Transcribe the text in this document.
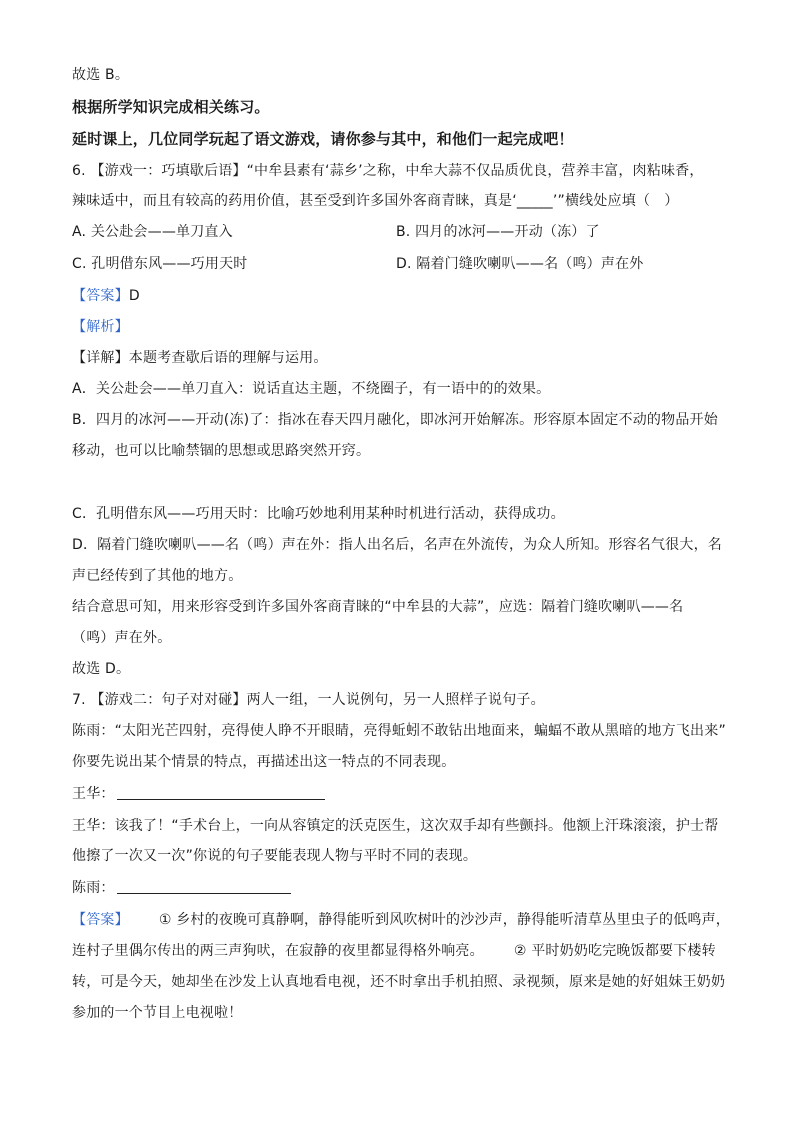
故选 B。
根据所学知识完成相关练习。
延时课上，几位同学玩起了语文游戏，请你参与其中，和他们一起完成吧！
6. 【游戏一：巧填歇后语】“中牟县素有‘蒜乡’之称，中牟大蒜不仅品质优良，营养丰富，肉粘味香，
辣味适中，而且有较高的药用价值，甚至受到许多国外客商青睐，真是‘_____’”横线处应填（　）
A. 关公赴会——单刀直入	B. 四月的冰河——开动（冻）了
C. 孔明借东风——巧用天时	D. 隔着门缝吹喇叭——名（鸣）声在外
【答案】D
【解析】
【详解】本题考查歇后语的理解与运用。
A．关公赴会——单刀直入：说话直达主题，不绕圈子，有一语中的的效果。
B．四月的冰河——开动(冻)了：指冰在春天四月融化，即冰河开始解冻。形容原本固定不动的物品开始
移动，也可以比喻禁锢的思想或思路突然开窍。
C．孔明借东风——巧用天时：比喻巧妙地利用某种时机进行活动，获得成功。
D．隔着门缝吹喇叭——名（鸣）声在外：指人出名后，名声在外流传，为众人所知。形容名气很大，名
声已经传到了其他的地方。
结合意思可知，用来形容受到许多国外客商青睐的“中牟县的大蒜”，应选：隔着门缝吹喇叭——名
（鸣）声在外。
故选 D。
7. 【游戏二：句子对对碰】两人一组，一人说例句，另一人照样子说句子。
陈雨：“太阳光芒四射，亮得使人睁不开眼睛，亮得蚯蚓不敢钻出地面来，蝙蝠不敢从黑暗的地方飞出来”
你要先说出某个情景的特点，再描述出这一特点的不同表现。
王华：
王华：该我了！“手术台上，一向从容镇定的沃克医生，这次双手却有些颤抖。他额上汗珠滚滚，护士帮
他擦了一次又一次”你说的句子要能表现人物与平时不同的表现。
陈雨：
【答案】 ① 乡村的夜晚可真静啊，静得能听到风吹树叶的沙沙声，静得能听清草丛里虫子的低鸣声，
连村子里偶尔传出的两三声狗吠，在寂静的夜里都显得格外响亮。 ② 平时奶奶吃完晚饭都要下楼转
转，可是今天，她却坐在沙发上认真地看电视，还不时拿出手机拍照、录视频，原来是她的好姐妹王奶奶
参加的一个节目上电视啦！
